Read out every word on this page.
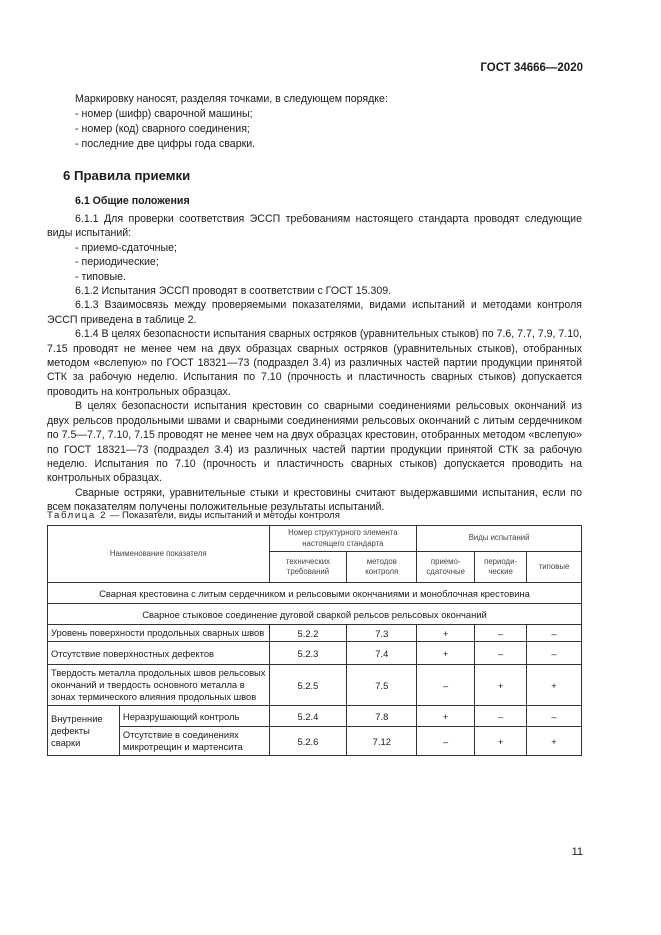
ГОСТ 34666—2020

Маркировку наносят, разделяя точками, в следующем порядке:

- номер (шифр) сварочной машины;

- номер (код) сварного соединения;

- последние две цифры года сварки.

6 Правила приемки
6.1 Общие положения

6.1.1 Для проверки соответствия ЭССП требованиям настоящего стандарта проводят следующие виды испытаний:

- приемо-сдаточные;

- периодические;

- типовые.

6.1.2 Испытания ЭССП проводят в соответствии с ГОСТ 15.309.

6.1.3 Взаимосвязь между проверяемыми показателями, видами испытаний и методами контроля ЭССП приведена в таблице 2.

6.1.4 В целях безопасности испытания сварных остряков (уравнительных стыков) по 7.6, 7.7, 7.9, 7.10, 7.15 проводят не менее чем на двух образцах сварных остряков (уравнительных стыков), отобранных методом «вслепую» по ГОСТ 18321—73 (подраздел 3.4) из различных частей партии продукции принятой СТК за рабочую неделю. Испытания по 7.10 (прочность и пластичность сварных стыков) допускается проводить на контрольных образцах.

В целях безопасности испытания крестовин со сварными соединениями рельсовых окончаний из двух рельсов продольными швами и сварными соединениями рельсовых окончаний с литым сердечником по 7.5—7.7, 7.10, 7.15 проводят не менее чем на двух образцах крестовин, отобранных методом «вслепую» по ГОСТ 18321—73 (подраздел 3.4) из различных частей партии продукции принятой СТК за рабочую неделю. Испытания по 7.10 (прочность и пластичность сварных стыков) допускается проводить на контрольных образцах.

Сварные остряки, уравнительные стыки и крестовины считают выдержавшими испытания, если по всем показателям получены положительные результаты испытаний.

Таблица 2 — Показатели, виды испытаний и методы контроля
Наименование показателя		Номер структурного элемента настоящего стандарта		Виды испытаний		
		технических требований	методов контроля	приемо-сдаточные	периоди-ческие	типовые
Сварная крестовина с литым сердечником и рельсовыми окончаниями и моноблочная крестовина						
Сварное стыковое соединение дуговой сваркой рельсов рельсовых окончаний						
Уровень поверхности продольных сварных швов		5.2.2	7.3	+	–	–
Отсутствие поверхностных дефектов		5.2.3	7.4	+	–	–
Твердость металла продольных швов рельсовых окончаний и твердость основного металла в зонах термического влияния продольных швов		5.2.5	7.5	–	+	+
Внутренние дефекты сварки	Неразрушающий контроль	5.2.4	7.8	+	–	–
	Отсутствие в соединениях микротрещин и мартенсита	5.2.6	7.12	–	+	+
11
